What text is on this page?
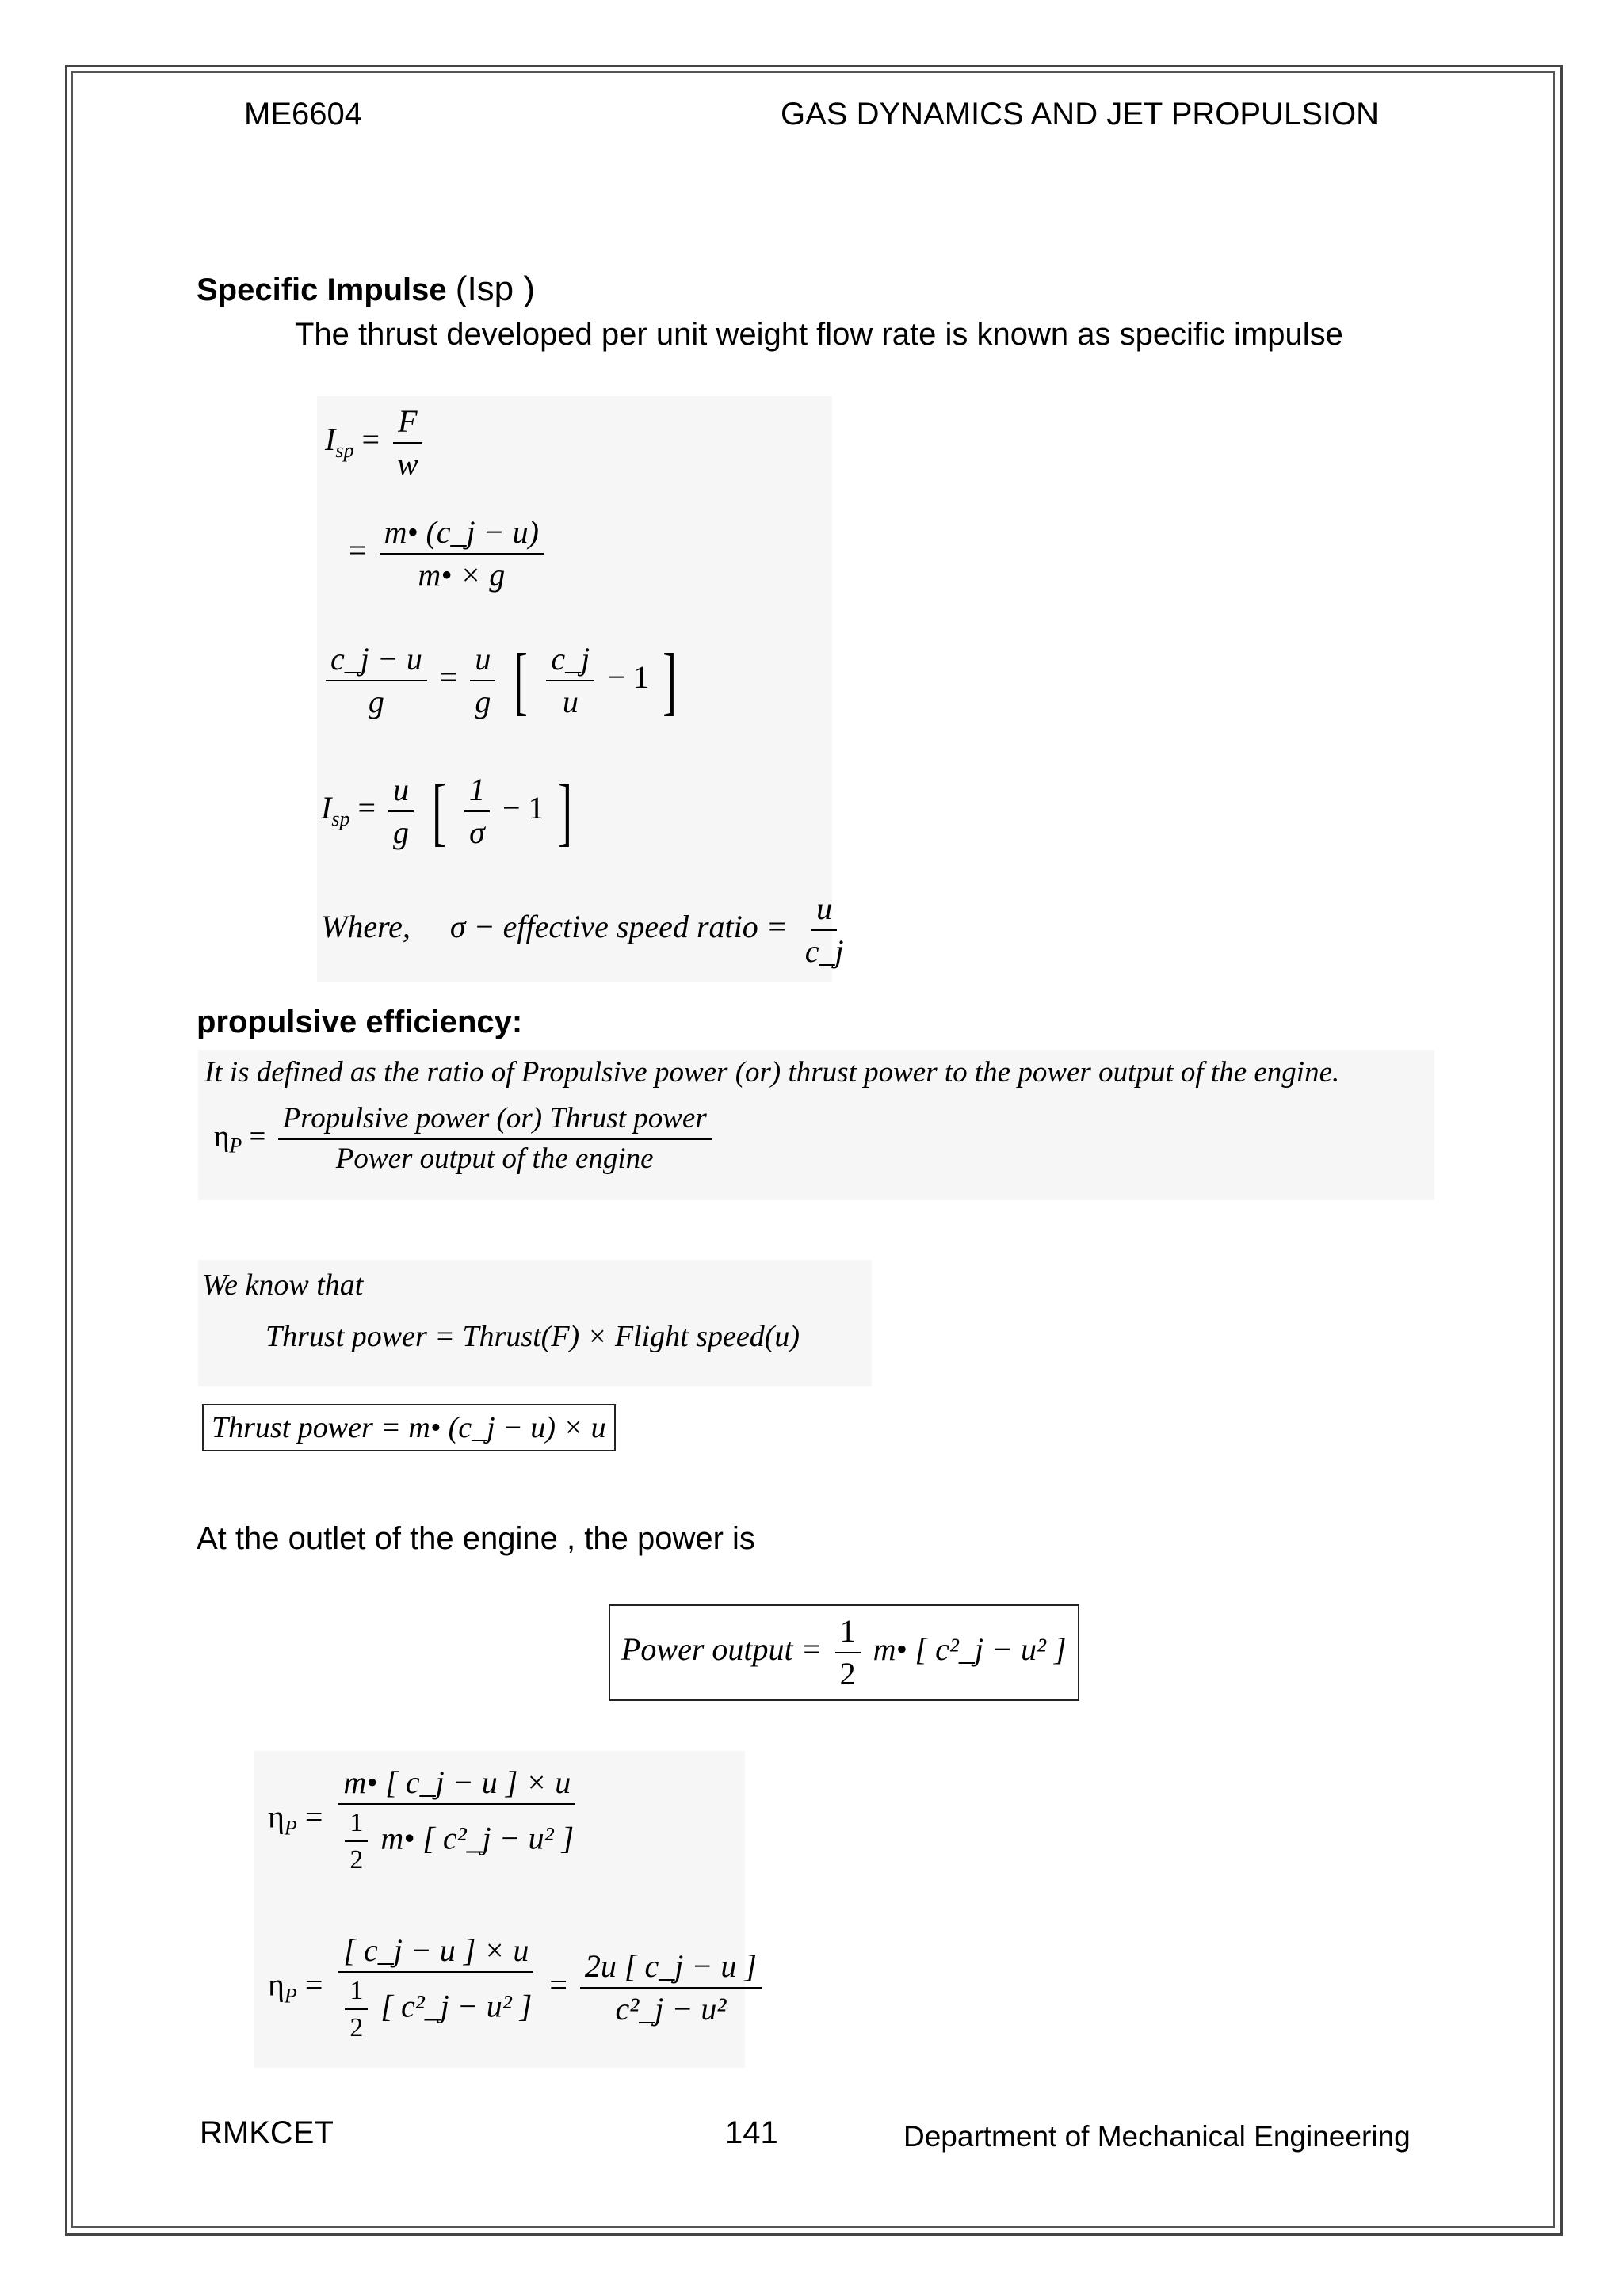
ME6604	GAS DYNAMICS AND JET PROPULSION
Specific Impulse (Isp )
The thrust developed per unit weight flow rate is known as specific impulse
$I_{sp} = \frac{F}{w}$
= $\frac{m• (c\_j - u)}{m• \times g}$
$\frac{c\_j - u}{g} = \frac{u}{g}$ [ $\frac{c\_j}{u} - 1$ ]
$I_{sp} = \frac{u}{g}$ [ $\frac{1}{\sigma} - 1$ ]
Where, σ − effective speed ratio = $\frac{u}{c\_j}$
propulsive efficiency:
It is defined as the ratio of Propulsive power (or) thrust power to the power output of the engine.
$\eta_P = \frac{\text{Propulsive power (or) Thrust power}}{\text{Power output of the engine}}$
We know that
Thrust power = Thrust(F) × Flight speed(u)
Thrust power = m• (c_j − u) × u
At the outlet of the engine , the power is
Power output = $\frac{1}{2}$ m• [ c²_j − u² ]
$\eta_P = \frac{m• [ c\_j - u ] \times u}{\frac{1}{2} m• [ c^2\_j - u^2 ]}$
$\eta_P = \frac{[ c\_j - u ] \times u}{\frac{1}{2} [ c^2\_j - u^2 ]} = \frac{2u [ c\_j - u ]}{\text{c²\_j − u²}}$
RMKCET	141	Department of Mechanical Engineering
